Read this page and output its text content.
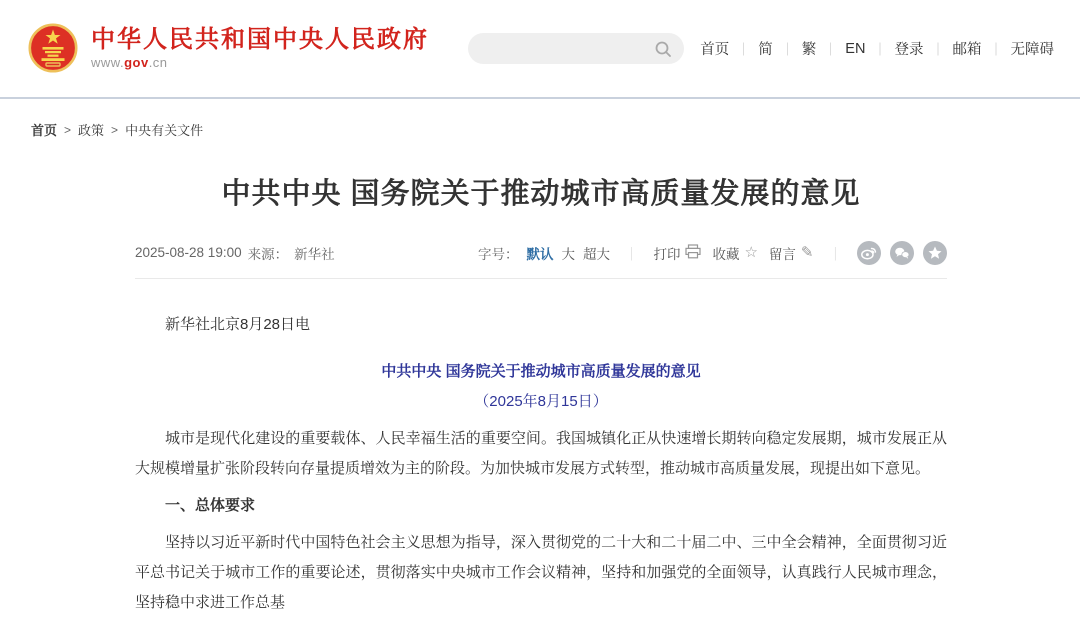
中华人民共和国中央人民政府
www.gov.cn
首页 ｜ 简 ｜ 繁 ｜ EN ｜ 登录 ｜ 邮箱 ｜ 无障碍
首页 > 政策 > 中央有关文件
中共中央 国务院关于推动城市高质量发展的意见
2025-08-28 19:00 来源： 新华社	字号： 默认 大 超大 ｜ 打印 收藏 ☆ 留言 ✎ ｜

新华社北京8月28日电

中共中央 国务院关于推动城市高质量发展的意见

（2025年8月15日）

城市是现代化建设的重要载体、人民幸福生活的重要空间。我国城镇化正从快速增长期转向稳定发展期，城市发展正从大规模增量扩张阶段转向存量提质增效为主的阶段。为加快城市发展方式转型，推动城市高质量发展，现提出如下意见。

一、总体要求

坚持以习近平新时代中国特色社会主义思想为指导，深入贯彻党的二十大和二十届二中、三中全会精神，全面贯彻习近平总书记关于城市工作的重要论述，贯彻落实中央城市工作会议精神，坚持和加强党的全面领导，认真践行人民城市理念，坚持稳中求进工作总基
